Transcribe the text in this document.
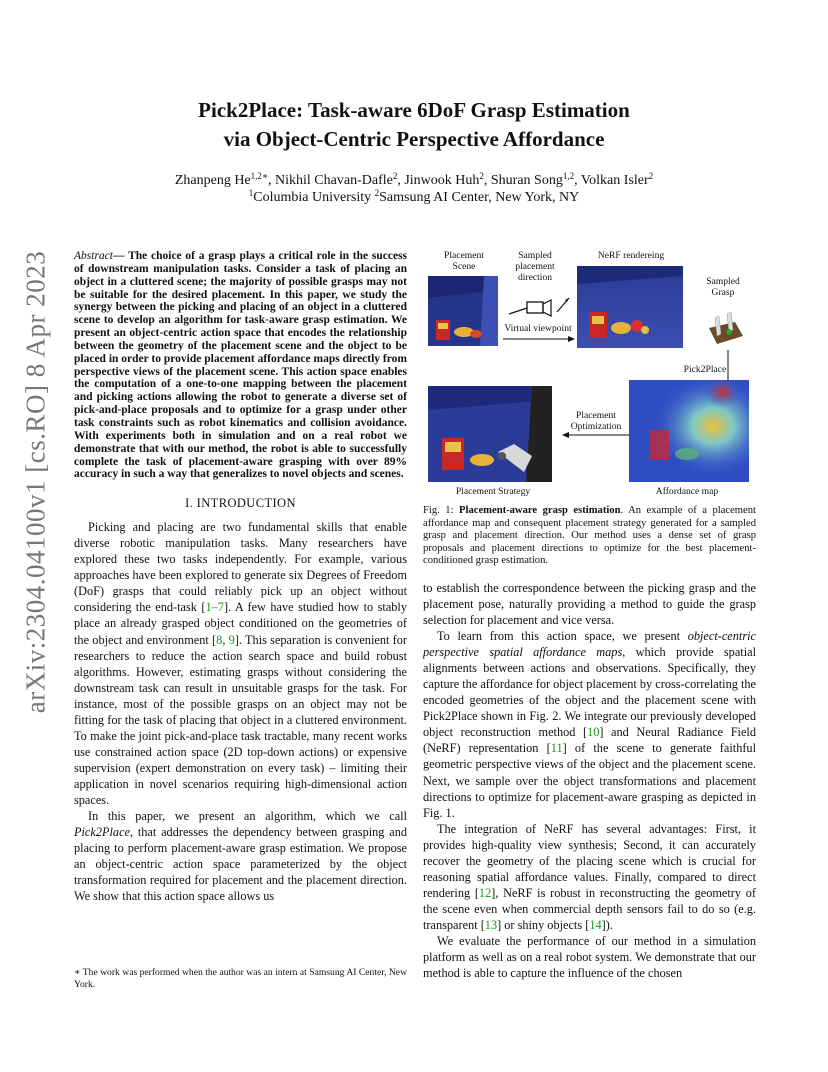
arXiv:2304.04100v1 [cs.RO] 8 Apr 2023
Pick2Place: Task-aware 6DoF Grasp Estimation
via Object-Centric Perspective Affordance
Zhanpeng $He^{1,2∗}$, Nikhil Chavan-Dafle$^2$, Jinwook Huh$^2$, Shuran Song$^{1,2}$, Volkan Isler$^2$
$^1$Columbia University $^2$Samsung AI Center, New York, NY

Abstract— The choice of a grasp plays a critical role in the success of downstream manipulation tasks. Consider a task of placing an object in a cluttered scene; the majority of possible grasps may not be suitable for the desired placement. In this paper, we study the synergy between the picking and placing of an object in a cluttered scene to develop an algorithm for task-aware grasp estimation. We present an object-centric action space that encodes the relationship between the geometry of the placement scene and the object to be placed in order to provide placement affordance maps directly from perspective views of the placement scene. This action space enables the computation of a one-to-one mapping between the placement and picking actions allowing the robot to generate a diverse set of pick-and-place proposals and to optimize for a grasp under other task constraints such as robot kinematics and collision avoidance. With experiments both in simulation and on a real robot we demonstrate that with our method, the robot is able to successfully complete the task of placement-aware grasping with over 89% accuracy in such a way that generalizes to novel objects and scenes.

I. INTRODUCTION

Picking and placing are two fundamental skills that enable diverse robotic manipulation tasks. Many researchers have explored these two tasks independently. For example, various approaches have been explored to generate six Degrees of Freedom (DoF) grasps that could reliably pick up an object without considering the end-task [1–7]. A few have studied how to stably place an already grasped object conditioned on the geometries of the object and environment [8, 9]. This separation is convenient for researchers to reduce the action search space and build robust algorithms. However, estimating grasps without considering the downstream task can result in unsuitable grasps for the task. For instance, most of the possible grasps on an object may not be fitting for the task of placing that object in a cluttered environment. To make the joint pick-and-place task tractable, many recent works use constrained action space (2D top-down actions) or expensive supervision (expert demonstration on every task) – limiting their application in novel scenarios requiring high-dimensional action spaces.

In this paper, we present an algorithm, which we call Pick2Place, that addresses the dependency between grasping and placing to perform placement-aware grasp estimation. We propose an object-centric action space parameterized by the object transformation required for placement and the placement direction. We show that this action space allows us

∗ The work was performed when the author was an intern at Samsung AI Center, New York.
Placement
Scene
Sampled
placement
direction
NeRF rendereing
Sampled
Grasp
Virtual viewpoint
Pick2Place
Placement
Optimization
Placement Strategy	Affordance map
Fig. 1: Placement-aware grasp estimation. An example of a placement affordance map and consequent placement strategy generated for a sampled grasp and placement direction. Our method uses a dense set of grasp proposals and placement directions to optimize for the best placement-conditioned grasp estimation.

to establish the correspondence between the picking grasp and the placement pose, naturally providing a method to guide the grasp selection for placement and vice versa.

To learn from this action space, we present object-centric perspective spatial affordance maps, which provide spatial alignments between actions and observations. Specifically, they capture the affordance for object placement by cross-correlating the encoded geometries of the object and the placement scene with Pick2Place shown in Fig. 2. We integrate our previously developed object reconstruction method [10] and Neural Radiance Field (NeRF) representation [11] of the scene to generate faithful geometric perspective views of the object and the placement scene. Next, we sample over the object transformations and placement directions to optimize for placement-aware grasping as depicted in Fig. 1.

The integration of NeRF has several advantages: First, it provides high-quality view synthesis; Second, it can accurately recover the geometry of the placing scene which is crucial for reasoning spatial affordance values. Finally, compared to direct rendering [12], NeRF is robust in reconstructing the geometry of the scene even when commercial depth sensors fail to do so (e.g. transparent [13] or shiny objects [14]).

We evaluate the performance of our method in a simulation platform as well as on a real robot system. We demonstrate that our method is able to capture the influence of the chosen
